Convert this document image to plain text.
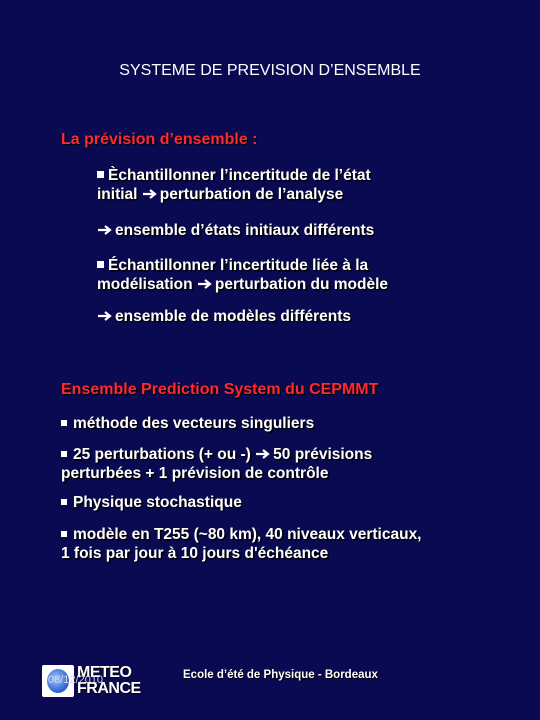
SYSTEME DE PREVISION D’ENSEMBLE
La prévision d’ensemble :
Èchantillonner l’incertitude de l’état
initial perturbation de l’analyse
ensemble d’états initiaux différents
Échantillonner l’incertitude liée à la
modélisation perturbation du modèle
ensemble de modèles différents
Ensemble Prediction System du CEPMMT
méthode des vecteurs singuliers
25 perturbations (+ ou -) 50 prévisions
perturbées + 1 prévision de contrôle
Physique stochastique
modèle en T255 (~80 km), 40 niveaux verticaux,
1 fois par jour à 10 jours d'échéance
METEO
FRANCE
08/12/2010	Ecole d’été de Physique - Bordeaux
